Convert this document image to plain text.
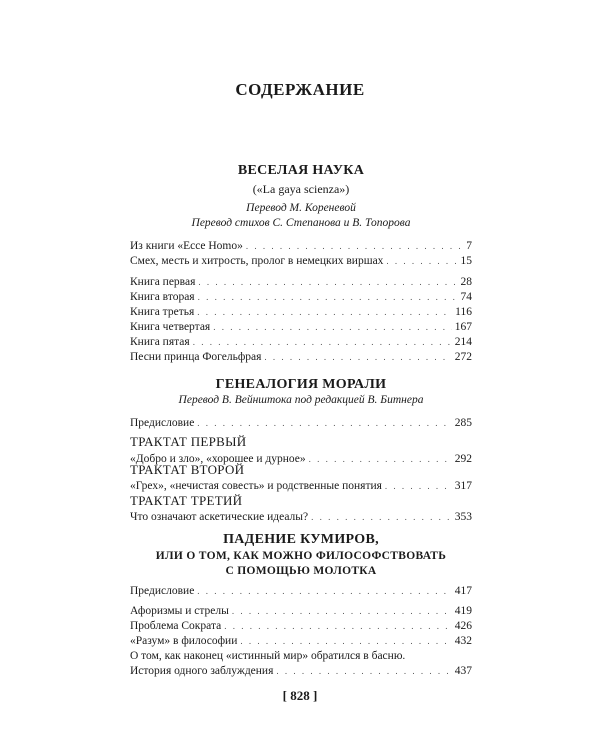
СОДЕРЖАНИЕ
ВЕСЕЛАЯ НАУКА
(«La gaya scienza»)
Перевод М. Кореневой
Перевод стихов С. Степанова и В. Топорова
Из книги «Ecce Homo» . . .	7
Смех, месть и хитрость, пролог в немецких виршах . . .	15
Книга первая . . .	28
Книга вторая . . .	74
Книга третья . . .	116
Книга четвертая . . .	167
Книга пятая . . .	214
Песни принца Фогельфрая . . .	272
ГЕНЕАЛОГИЯ МОРАЛИ
Перевод В. Вейнштока под редакцией В. Битнера
Предисловие . . .	285
ТРАКТАТ ПЕРВЫЙ
«Добро и зло», «хорошее и дурное» . . .	292
ТРАКТАТ ВТОРОЙ
«Грех», «нечистая совесть» и родственные понятия . . .	317
ТРАКТАТ ТРЕТИЙ
Что означают аскетические идеалы? . . .	353
ПАДЕНИЕ КУМИРОВ,
ИЛИ О ТОМ, КАК МОЖНО ФИЛОСОФСТВОВАТЬ
С ПОМОЩЬЮ МОЛОТКА
Предисловие . . .	417
Афоризмы и стрелы . . .	419
Проблема Сократа . . .	426
«Разум» в философии . . .	432
О том, как наконец «истинный мир» обратился в басню.
История одного заблуждения . . .	437
[ 828 ]
